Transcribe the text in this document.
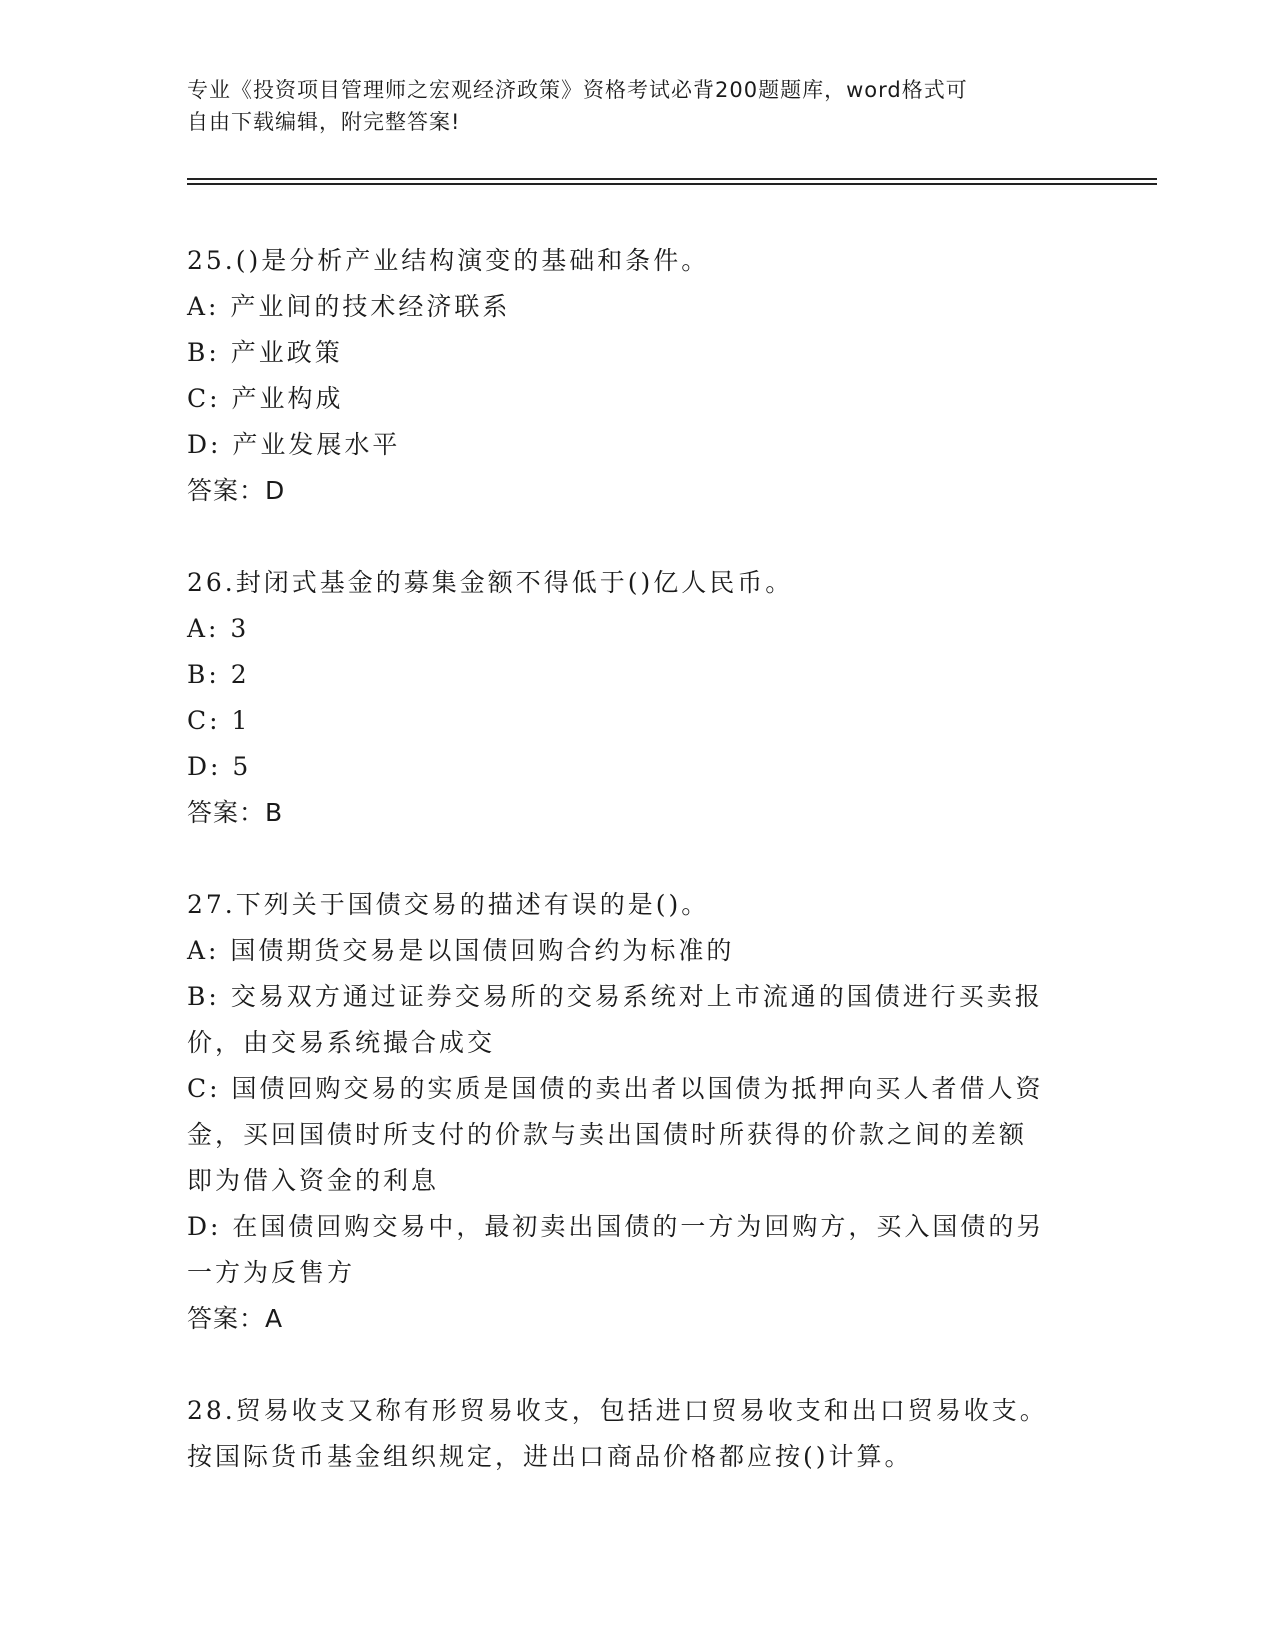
专业《投资项目管理师之宏观经济政策》资格考试必背200题题库，word格式可
自由下载编辑，附完整答案!
25.()是分析产业结构演变的基础和条件。
A: 产业间的技术经济联系
B: 产业政策
C: 产业构成
D: 产业发展水平
答案：D
26.封闭式基金的募集金额不得低于()亿人民币。
A: 3
B: 2
C: 1
D: 5
答案：B
27.下列关于国债交易的描述有误的是()。
A: 国债期货交易是以国债回购合约为标准的
B: 交易双方通过证券交易所的交易系统对上市流通的国债进行买卖报
价，由交易系统撮合成交
C: 国债回购交易的实质是国债的卖出者以国债为抵押向买人者借人资
金，买回国债时所支付的价款与卖出国债时所获得的价款之间的差额
即为借入资金的利息
D: 在国债回购交易中，最初卖出国债的一方为回购方，买入国债的另
一方为反售方
答案：A
28.贸易收支又称有形贸易收支，包括进口贸易收支和出口贸易收支。
按国际货币基金组织规定，进出口商品价格都应按()计算。
